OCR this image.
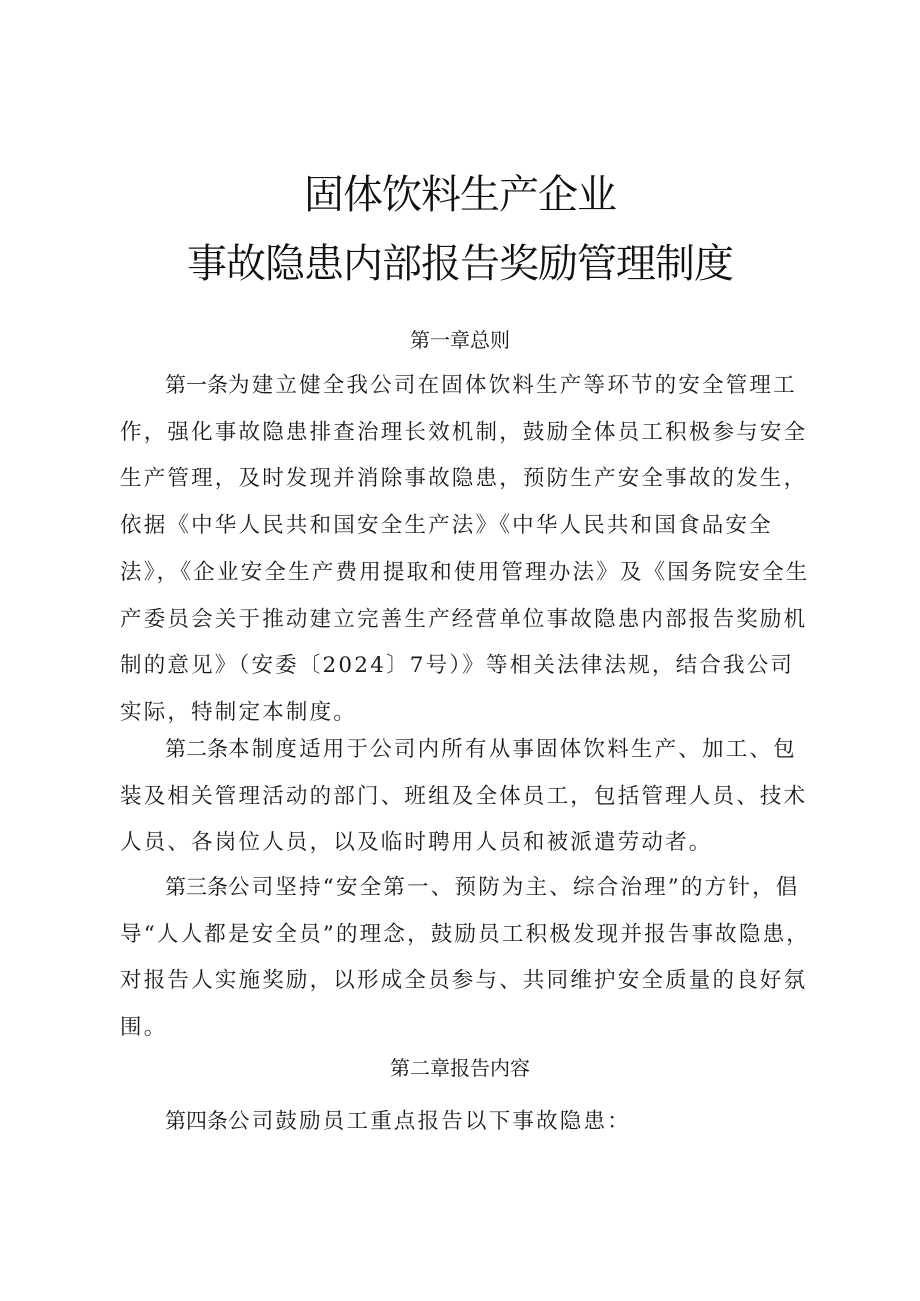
固体饮料生产企业
事故隐患内部报告奖励管理制度
第一章总则
第一条为建立健全我公司在固体饮料生产等环节的安全管理工作，强化事故隐患排查治理长效机制，鼓励全体员工积极参与安全生产管理，及时发现并消除事故隐患，预防生产安全事故的发生，依据《中华人民共和国安全生产法》《中华人民共和国食品安全法》，《企业安全生产费用提取和使用管理办法》及《国务院安全生产委员会关于推动建立完善生产经营单位事故隐患内部报告奖励机制的意见》（安委〔2024〕7号）》等相关法律法规，结合我公司实际，特制定本制度。
第二条本制度适用于公司内所有从事固体饮料生产、加工、包装及相关管理活动的部门、班组及全体员工，包括管理人员、技术人员、各岗位人员，以及临时聘用人员和被派遣劳动者。
第三条公司坚持“安全第一、预防为主、综合治理”的方针，倡导“人人都是安全员”的理念，鼓励员工积极发现并报告事故隐患，对报告人实施奖励，以形成全员参与、共同维护安全质量的良好氛围。
第二章报告内容
第四条公司鼓励员工重点报告以下事故隐患：
